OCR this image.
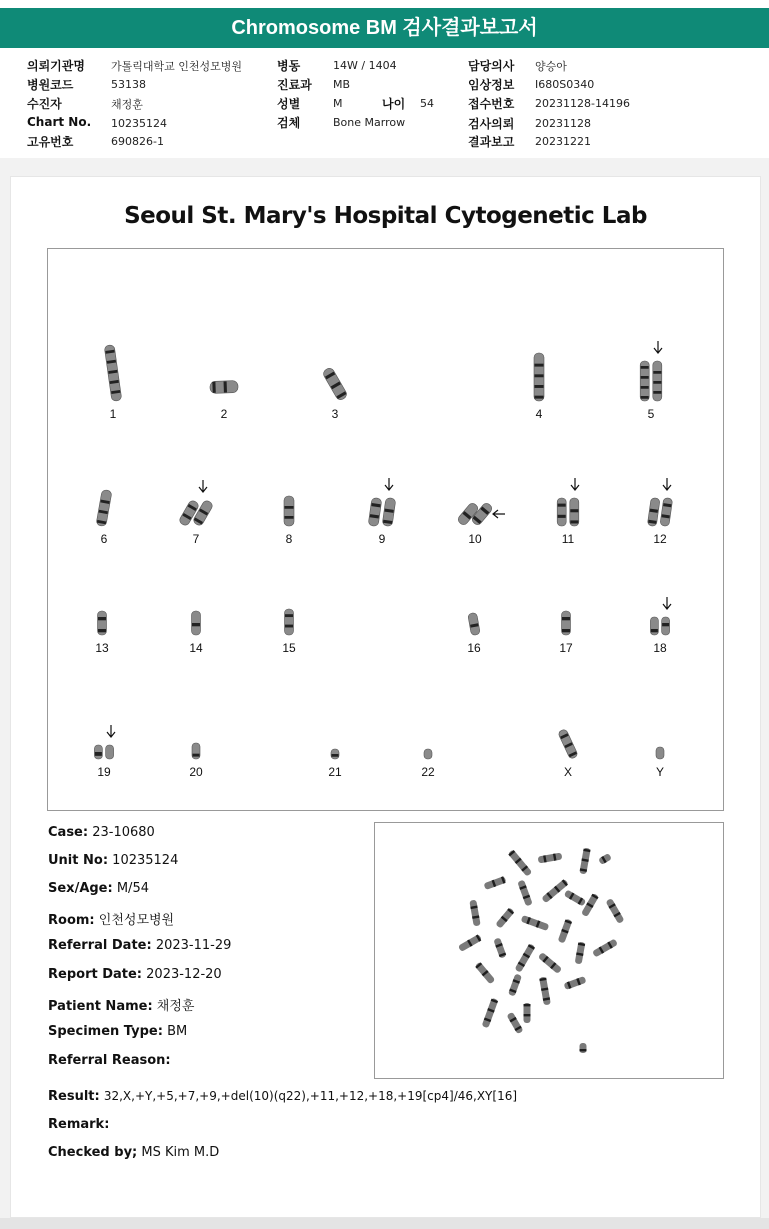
Chromosome BM 검사결과보고서
의뢰기관명 가톨릭대학교 인천성모병원
병원코드	53138
수진자	채정훈
Chart No. 10235124
고유번호	690826-1
병동	14W / 1404
진료과 MB
성별	M	나이 54
검체	Bone Marrow
담당의사 양승아
임상정보 I680S0340
접수번호 20231128-14196
검사의뢰 20231128
결과보고 20231221
Seoul St. Mary's Hospital Cytogenetic Lab
1	2	3	4	5
6	7	8	9	10	11	12
13	14	15	16	17	18
19	20	21	22	X	Y
Case: 23-10680
Unit No: 10235124
Sex/Age: M/54
Room: 인천성모병원
Referral Date: 2023-11-29
Report Date: 2023-12-20
Patient Name: 채정훈
Specimen Type: BM
Referral Reason:
Result: 32,X,+Y,+5,+7,+9,+del(10)(q22),+11,+12,+18,+19[cp4]/46,XY[16]
Remark:
Checked by; MS Kim M.D
